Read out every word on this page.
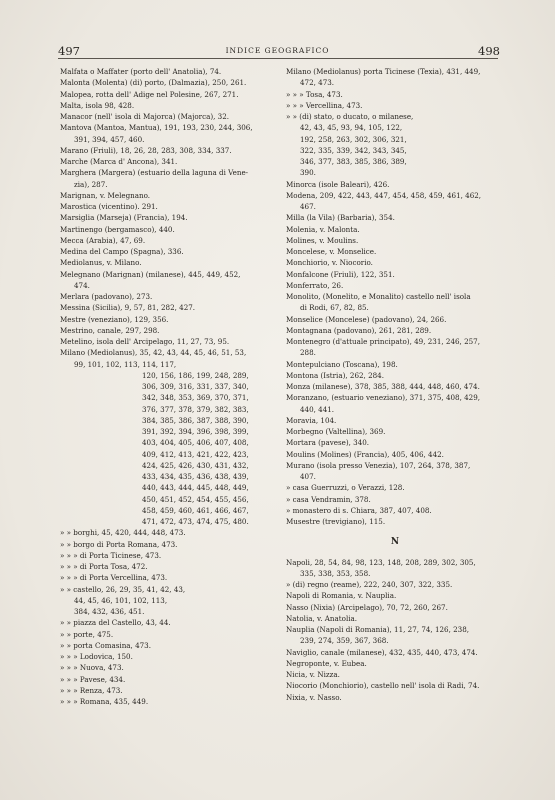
497	INDICE GEOGRAFICO	498
Malfata o Maffater (porto dell' Anatolia), 74.
Malonta (Molenta) (di) porto, (Dalmazia), 250, 261.
Malopea, rotta dell' Adige nel Polesine, 267, 271.
Malta, isola 98, 428.
Manacor (nell' isola di Majorca) (Majorca), 32.
Mantova (Mantoa, Mantua), 191, 193, 230, 244, 306,
391, 394, 457, 460.
Marano (Friuli), 18, 26, 28, 283, 308, 334, 337.
Marche (Marca d' Ancona), 341.
Marghera (Margera) (estuario della laguna di Vene-
zia), 287.
Marignan, v. Melegnano.
Marostica (vicentino). 291.
Marsiglia (Marseja) (Francia), 194.
Martinengo (bergamasco), 440.
Mecca (Arabia), 47, 69.
Medina del Campo (Spagna), 336.
Mediolanus, v. Milano.
Melegnano (Marignan) (milanese), 445, 449, 452,
474.
Merlara (padovano), 273.
Messina (Sicilia), 9, 57, 81, 282, 427.
Mestre (veneziano), 129, 356.
Mestrino, canale, 297, 298.
Metelino, isola dell' Arcipelago, 11, 27, 73, 95.
Milano (Mediolanus), 35, 42, 43, 44, 45, 46, 51, 53,
99, 101, 102, 113, 114, 117,
120, 156, 186, 199, 248, 289,
306, 309, 316, 331, 337, 340,
342, 348, 353, 369, 370, 371,
376, 377, 378, 379, 382, 383,
384, 385, 386, 387, 388, 390,
391, 392, 394, 396, 398, 399,
403, 404, 405, 406, 407, 408,
409, 412, 413, 421, 422, 423,
424, 425, 426, 430, 431, 432,
433, 434, 435, 436, 438, 439,
440, 443, 444, 445, 448, 449,
450, 451, 452, 454, 455, 456,
458, 459, 460, 461, 466, 467,
471, 472, 473, 474, 475, 480.
» » borghi, 45, 420, 444, 448, 473.
» » borgo di Porta Romana, 473.
» » » di Porta Ticinese, 473.
» » » di Porta Tosa, 472.
» » » di Porta Vercellina, 473.
» » castello, 26, 29, 35, 41, 42, 43,
44, 45, 46, 101, 102, 113,
384, 432, 436, 451.
» » piazza del Castello, 43, 44.
» » porte, 475.
» » porta Comasina, 473.
» » » Lodovica, 150.
» » » Nuova, 473.
» » » Pavese, 434.
» » » Renza, 473.
» » » Romana, 435, 449.
Milano (Mediolanus) porta Ticinese (Texia), 431, 449,
472, 473.
» » » Tosa, 473.
» » » Vercellina, 473.
» » (di) stato, o ducato, o milanese,
42, 43, 45, 93, 94, 105, 122,
192, 258, 263, 302, 306, 321,
322, 335, 339, 342, 343, 345,
346, 377, 383, 385, 386, 389,
390.
Minorca (isole Baleari), 426.
Modena, 209, 422, 443, 447, 454, 458, 459, 461, 462,
467.
Milla (la Vila) (Barbaria), 354.
Molenia, v. Malonta.
Molines, v. Moulins.
Moncelese, v. Monselice.
Monchiorio, v. Niocorio.
Monfalcone (Friuli), 122, 351.
Monferrato, 26.
Monolito, (Monelito, e Monalito) castello nell' isola
di Rodi, 67, 82, 85.
Monselice (Moncelese) (padovano), 24, 266.
Montagnana (padovano), 261, 281, 289.
Montenegro (d'attuale principato), 49, 231, 246, 257,
288.
Montepulciano (Toscana), 198.
Montona (Istria), 262, 284.
Monza (milanese), 378, 385, 388, 444, 448, 460, 474.
Moranzano, (estuario veneziano), 371, 375, 408, 429,
440, 441.
Moravia, 104.
Morbegno (Valtellina), 369.
Mortara (pavese), 340.
Moulins (Molines) (Francia), 405, 406, 442.
Murano (isola presso Venezia), 107, 264, 378, 387,
407.
» casa Guerruzzi, o Verazzi, 128.
» casa Vendramin, 378.
» monastero di s. Chiara, 387, 407, 408.
Musestre (trevigiano), 115.
N
Napoli, 28, 54, 84, 98, 123, 148, 208, 289, 302, 305,
335, 338, 353, 358.
» (di) regno (reame), 222, 240, 307, 322, 335.
Napoli di Romania, v. Nauplia.
Nasso (Nixia) (Arcipelago), 70, 72, 260, 267.
Natolia, v. Anatolia.
Nauplia (Napoli di Romania), 11, 27, 74, 126, 238,
239, 274, 359, 367, 368.
Naviglio, canale (milanese), 432, 435, 440, 473, 474.
Negroponte, v. Eubea.
Nicia, v. Nizza.
Niocorio (Monchiorio), castello nell' isola di Radi, 74.
Nixia, v. Nasso.
